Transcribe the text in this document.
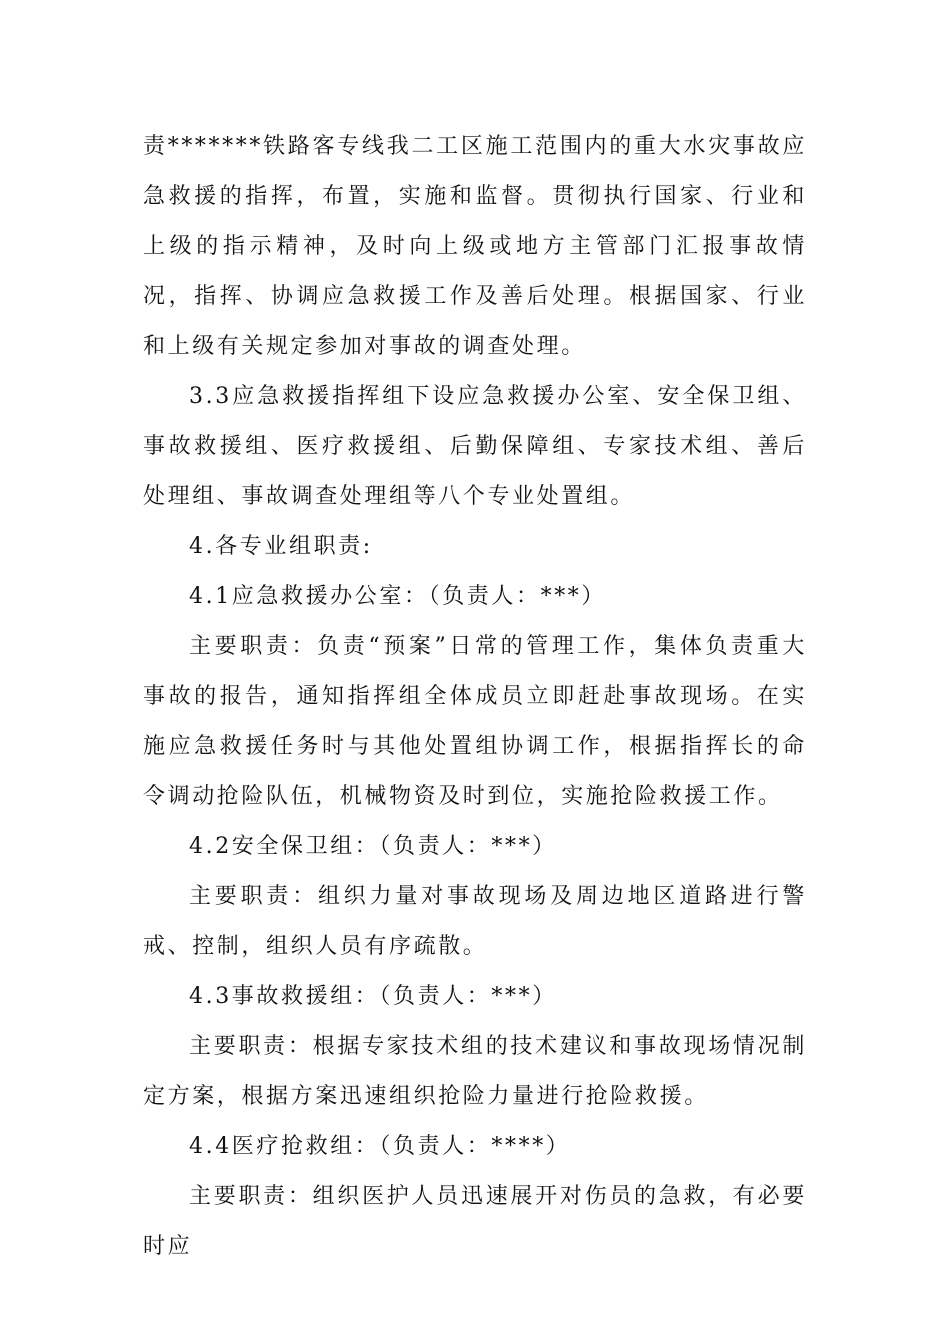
责*******铁路客专线我二工区施工范围内的重大水灾事故应急救援的指挥，布置，实施和监督。贯彻执行国家、行业和上级的指示精神，及时向上级或地方主管部门汇报事故情况，指挥、协调应急救援工作及善后处理。根据国家、行业和上级有关规定参加对事故的调查处理。

3.3应急救援指挥组下设应急救援办公室、安全保卫组、事故救援组、医疗救援组、后勤保障组、专家技术组、善后处理组、事故调查处理组等八个专业处置组。

4.各专业组职责:

4.1应急救援办公室：（负责人：***）

主要职责：负责“预案”日常的管理工作，集体负责重大事故的报告，通知指挥组全体成员立即赶赴事故现场。在实施应急救援任务时与其他处置组协调工作，根据指挥长的命令调动抢险队伍，机械物资及时到位，实施抢险救援工作。

4.2安全保卫组：（负责人：***）

主要职责：组织力量对事故现场及周边地区道路进行警戒、控制，组织人员有序疏散。

4.3事故救援组：（负责人：***）

主要职责：根据专家技术组的技术建议和事故现场情况制定方案，根据方案迅速组织抢险力量进行抢险救援。

4.4医疗抢救组：（负责人：****）

主要职责：组织医护人员迅速展开对伤员的急救，有必要时应
